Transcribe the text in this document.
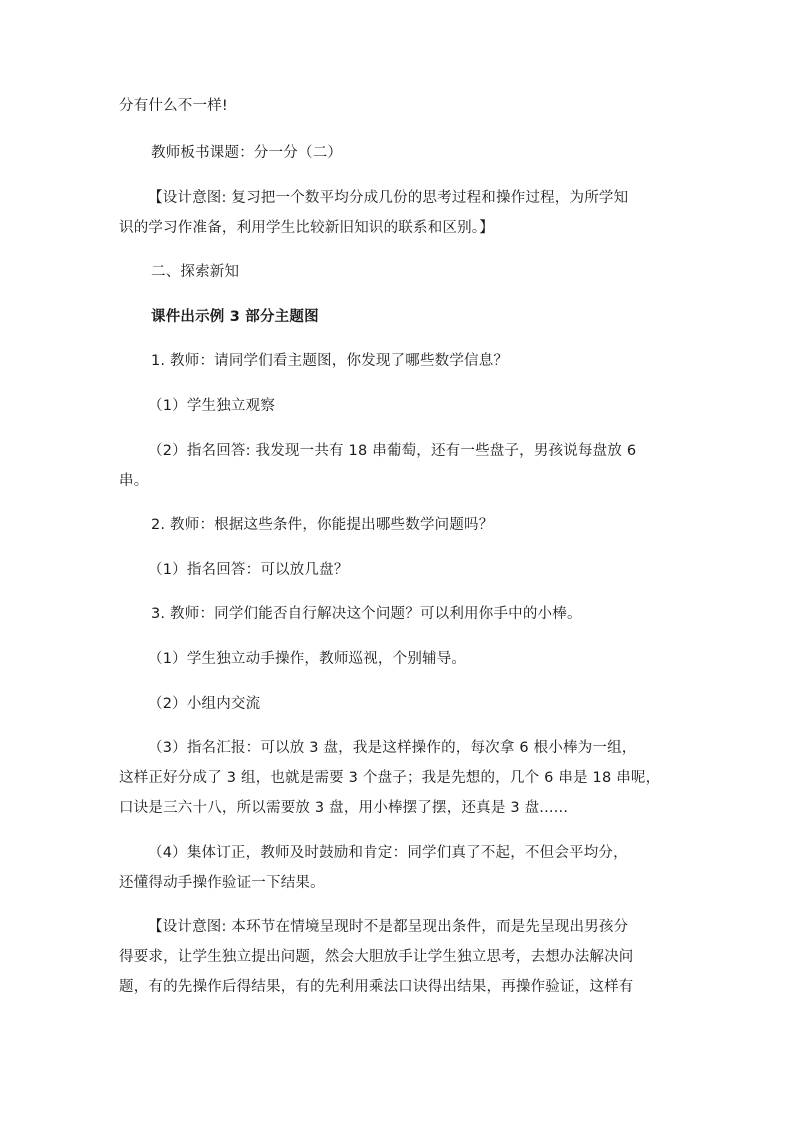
分有什么不一样!
教师板书课题：分一分（二）
【设计意图: 复习把一个数平均分成几份的思考过程和操作过程，为所学知
识的学习作准备，利用学生比较新旧知识的联系和区别。】
二、探索新知
课件出示例 3 部分主题图
1. 教师：请同学们看主题图，你发现了哪些数学信息？
（1）学生独立观察
（2）指名回答: 我发现一共有 18 串葡萄，还有一些盘子，男孩说每盘放 6
串。
2. 教师：根据这些条件，你能提出哪些数学问题吗？
（1）指名回答：可以放几盘？
3. 教师：同学们能否自行解决这个问题？可以利用你手中的小棒。
（1）学生独立动手操作，教师巡视，个别辅导。
（2）小组内交流
（3）指名汇报：可以放 3 盘，我是这样操作的，每次拿 6 根小棒为一组，
这样正好分成了 3 组，也就是需要 3 个盘子；我是先想的，几个 6 串是 18 串呢，
口诀是三六十八，所以需要放 3 盘，用小棒摆了摆，还真是 3 盘......
（4）集体订正，教师及时鼓励和肯定：同学们真了不起，不但会平均分，
还懂得动手操作验证一下结果。
【设计意图: 本环节在情境呈现时不是都呈现出条件，而是先呈现出男孩分
得要求，让学生独立提出问题，然会大胆放手让学生独立思考，去想办法解决问
题，有的先操作后得结果，有的先利用乘法口诀得出结果，再操作验证，这样有
